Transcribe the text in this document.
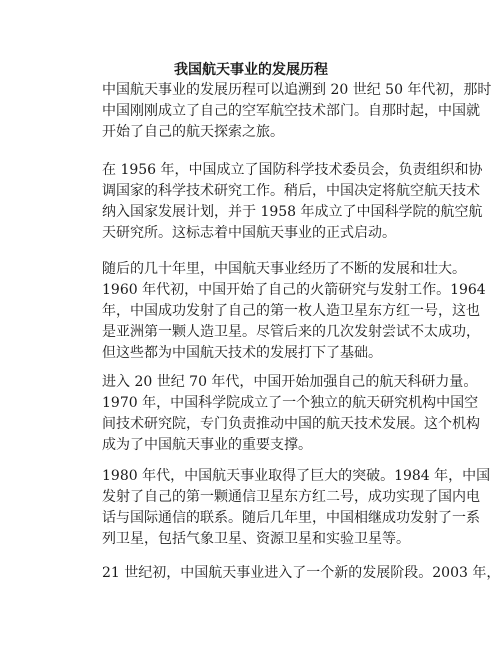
我国航天事业的发展历程

中国航天事业的发展历程可以追溯到 20 世纪 50 年代初，那时
中国刚刚成立了自己的空军航空技术部门。自那时起，中国就
开始了自己的航天探索之旅。

在 1956 年，中国成立了国防科学技术委员会，负责组织和协
调国家的科学技术研究工作。稍后，中国决定将航空航天技术
纳入国家发展计划，并于 1958 年成立了中国科学院的航空航
天研究所。这标志着中国航天事业的正式启动。

随后的几十年里，中国航天事业经历了不断的发展和壮大。
1960 年代初，中国开始了自己的火箭研究与发射工作。1964
年，中国成功发射了自己的第一枚人造卫星东方红一号，这也
是亚洲第一颗人造卫星。尽管后来的几次发射尝试不太成功，
但这些都为中国航天技术的发展打下了基础。

进入 20 世纪 70 年代，中国开始加强自己的航天科研力量。
1970 年，中国科学院成立了一个独立的航天研究机构中国空
间技术研究院，专门负责推动中国的航天技术发展。这个机构
成为了中国航天事业的重要支撑。

1980 年代，中国航天事业取得了巨大的突破。1984 年，中国
发射了自己的第一颗通信卫星东方红二号，成功实现了国内电
话与国际通信的联系。随后几年里，中国相继成功发射了一系
列卫星，包括气象卫星、资源卫星和实验卫星等。

21 世纪初，中国航天事业进入了一个新的发展阶段。2003 年，
